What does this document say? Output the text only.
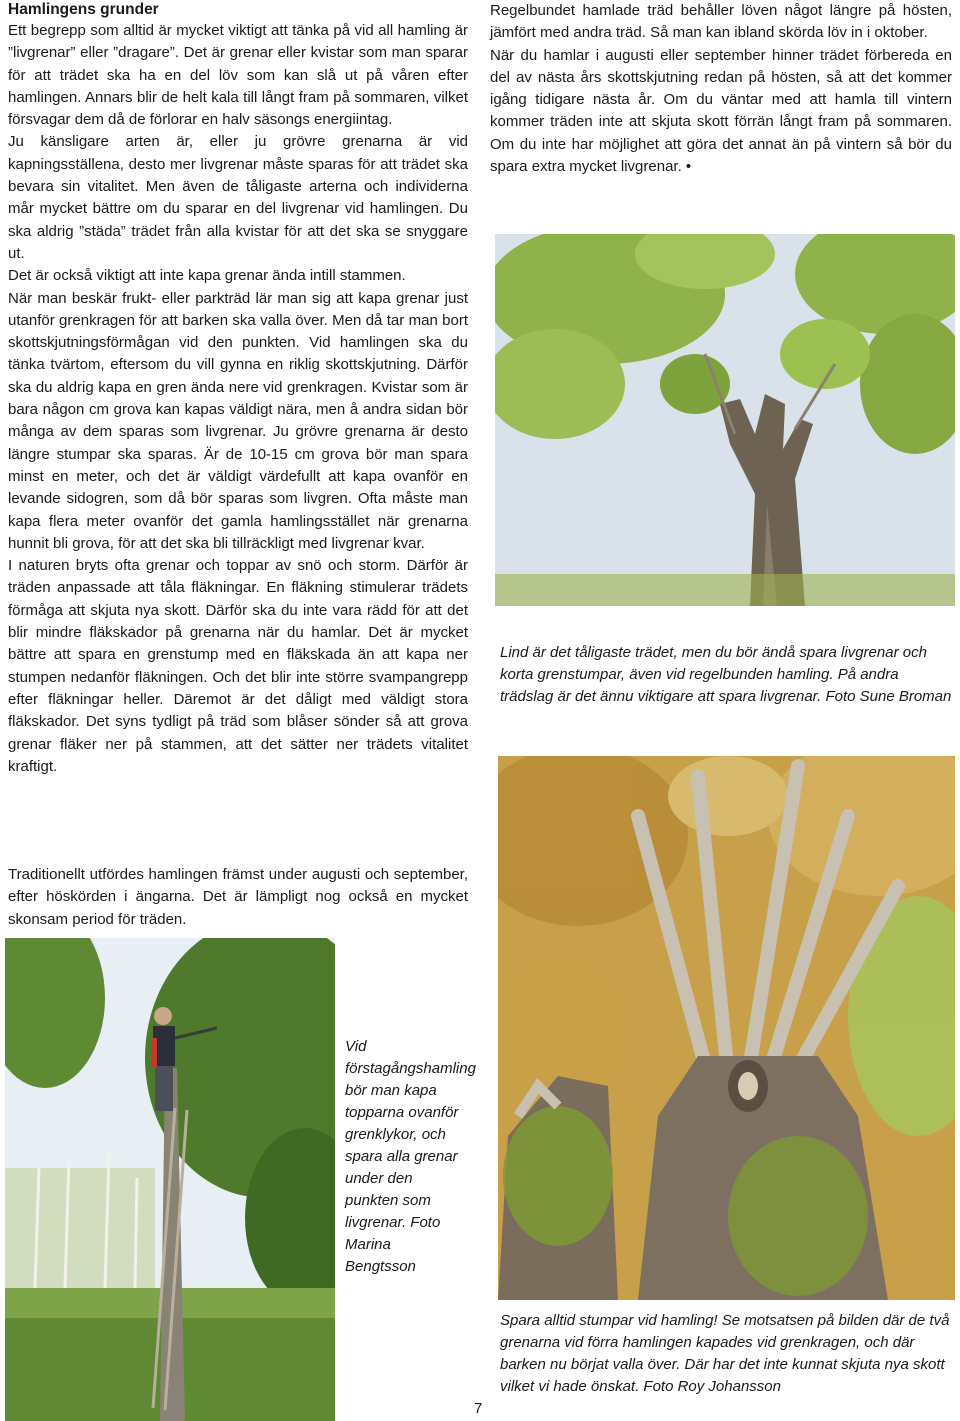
Hamlingens grunder

Ett begrepp som alltid är mycket viktigt att tänka på vid all hamling är ”livgrenar” eller ”dragare”. Det är grenar eller kvistar som man sparar för att trädet ska ha en del löv som kan slå ut på våren efter hamlingen. Annars blir de helt kala till långt fram på sommaren, vilket försvagar dem då de förlorar en halv säsongs energiintag.

Ju känsligare arten är, eller ju grövre grenarna är vid kapningsställena, desto mer livgrenar måste sparas för att trädet ska bevara sin vitalitet. Men även de tåligaste arterna och individerna mår mycket bättre om du sparar en del livgrenar vid hamlingen. Du ska aldrig ”städa” trädet från alla kvistar för att det ska se snyggare ut.

Det är också viktigt att inte kapa grenar ända intill stammen.

När man beskär frukt- eller parkträd lär man sig att kapa grenar just utanför grenkragen för att barken ska valla över. Men då tar man bort skottskjutningsförmågan vid den punkten. Vid hamlingen ska du tänka tvärtom, eftersom du vill gynna en riklig skottskjutning. Därför ska du aldrig kapa en gren ända nere vid grenkragen. Kvistar som är bara någon cm grova kan kapas väldigt nära, men å andra sidan bör många av dem sparas som livgrenar. Ju grövre grenarna är desto längre stumpar ska sparas. Är de 10-15 cm grova bör man spara minst en meter, och det är väldigt värdefullt att kapa ovanför en levande sidogren, som då bör sparas som livgren. Ofta måste man kapa flera meter ovanför det gamla hamlingsstället när grenarna hunnit bli grova, för att det ska bli tillräckligt med livgrenar kvar.

I naturen bryts ofta grenar och toppar av snö och storm. Därför är träden anpassade att tåla fläkningar. En fläkning stimulerar trädets förmåga att skjuta nya skott. Därför ska du inte vara rädd för att det blir mindre fläkskador på grenarna när du hamlar. Det är mycket bättre att spara en grenstump med en fläkskada än att kapa ner stumpen nedanför fläkningen. Och det blir inte större svampangrepp efter fläkningar heller. Däremot är det dåligt med väldigt stora fläkskador. Det syns tydligt på träd som blåser sönder så att grova grenar fläker ner på stammen, att det sätter ner trädets vitalitet kraftigt.

Traditionellt utfördes hamlingen främst under augusti och september, efter höskörden i ängarna. Det är lämpligt nog också en mycket skonsam period för träden.

Regelbundet hamlade träd behåller löven något längre på hösten, jämfört med andra träd. Så man kan ibland skörda löv in i oktober.

När du hamlar i augusti eller september hinner trädet förbereda en del av nästa års skottskjutning redan på hösten, så att det kommer igång tidigare nästa år. Om du väntar med att hamla till vintern kommer träden inte att skjuta skott förrän långt fram på sommaren. Om du inte har möjlighet att göra det annat än på vintern så bör du spara extra mycket livgrenar. •

Lind är det tåligaste trädet, men du bör ändå spara livgrenar och korta grenstumpar, även vid regelbunden hamling. På andra trädslag är det ännu viktigare att spara livgrenar. Foto Sune Broman

Spara alltid stumpar vid hamling! Se motsatsen på bilden där de två grenarna vid förra hamlingen kapades vid grenkragen, och där barken nu börjat valla över. Där har det inte kunnat skjuta nya skott vilket vi hade önskat. Foto Roy Johansson

Vid förstagångshamling bör man kapa topparna ovanför grenklykor, och spara alla grenar under den punkten som livgrenar. Foto Marina Bengtsson

7
